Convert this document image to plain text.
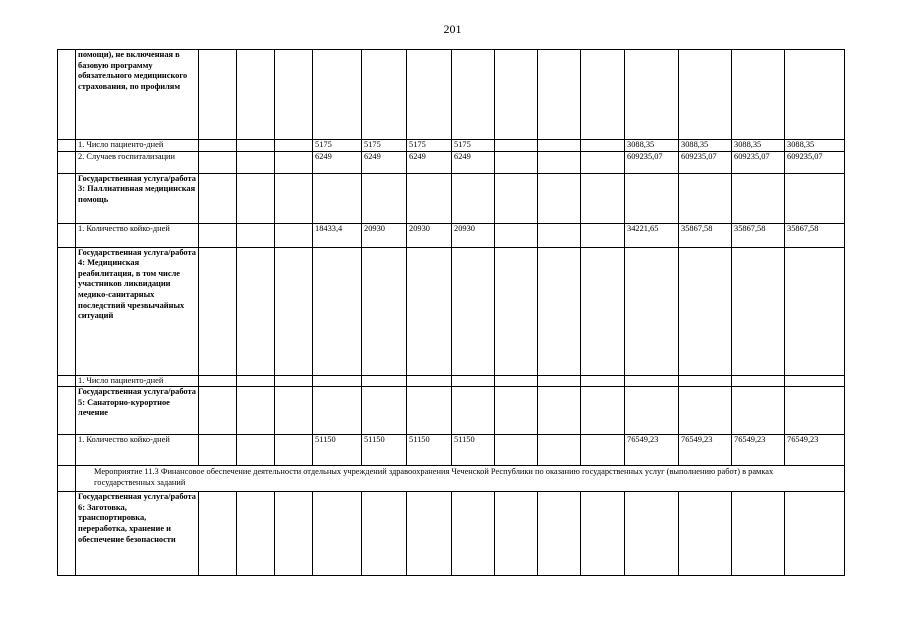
201
	помощи), не включенная в базовую программу обязательного медицинского страхования, по профилям														
	1. Число пациенто-дней				5175	5175	5175	5175				3088,35	3088,35	3088,35	3088,35
	2. Случаев госпитализации				6249	6249	6249	6249				609235,07	609235,07	609235,07	609235,07
	Государственная услуга/работа 3: Паллиативная медицинская помощь														
	1. Количество койко-дней				18433,4	20930	20930	20930				34221,65	35867,58	35867,58	35867,58
	Государственная услуга/работа 4: Медицинская реабилитация, в том числе участников ликвидации медико-санитарных последствий чрезвычайных ситуаций														
	1. Число пациенто-дней														
	Государственная услуга/работа 5: Санаторно-курортное лечение														
	1. Количество койко-дней				51150	51150	51150	51150				76549,23	76549,23	76549,23	76549,23
	Мероприятие 11.3 Финансовое обеспечение деятельности отдельных учреждений здравоохранения Чеченской Республики по оказанию государственных услуг (выполнению работ) в рамках государственных заданий														
	Государственная услуга/работа 6: Заготовка, транспортировка, переработка, хранение и обеспечение безопасности														
